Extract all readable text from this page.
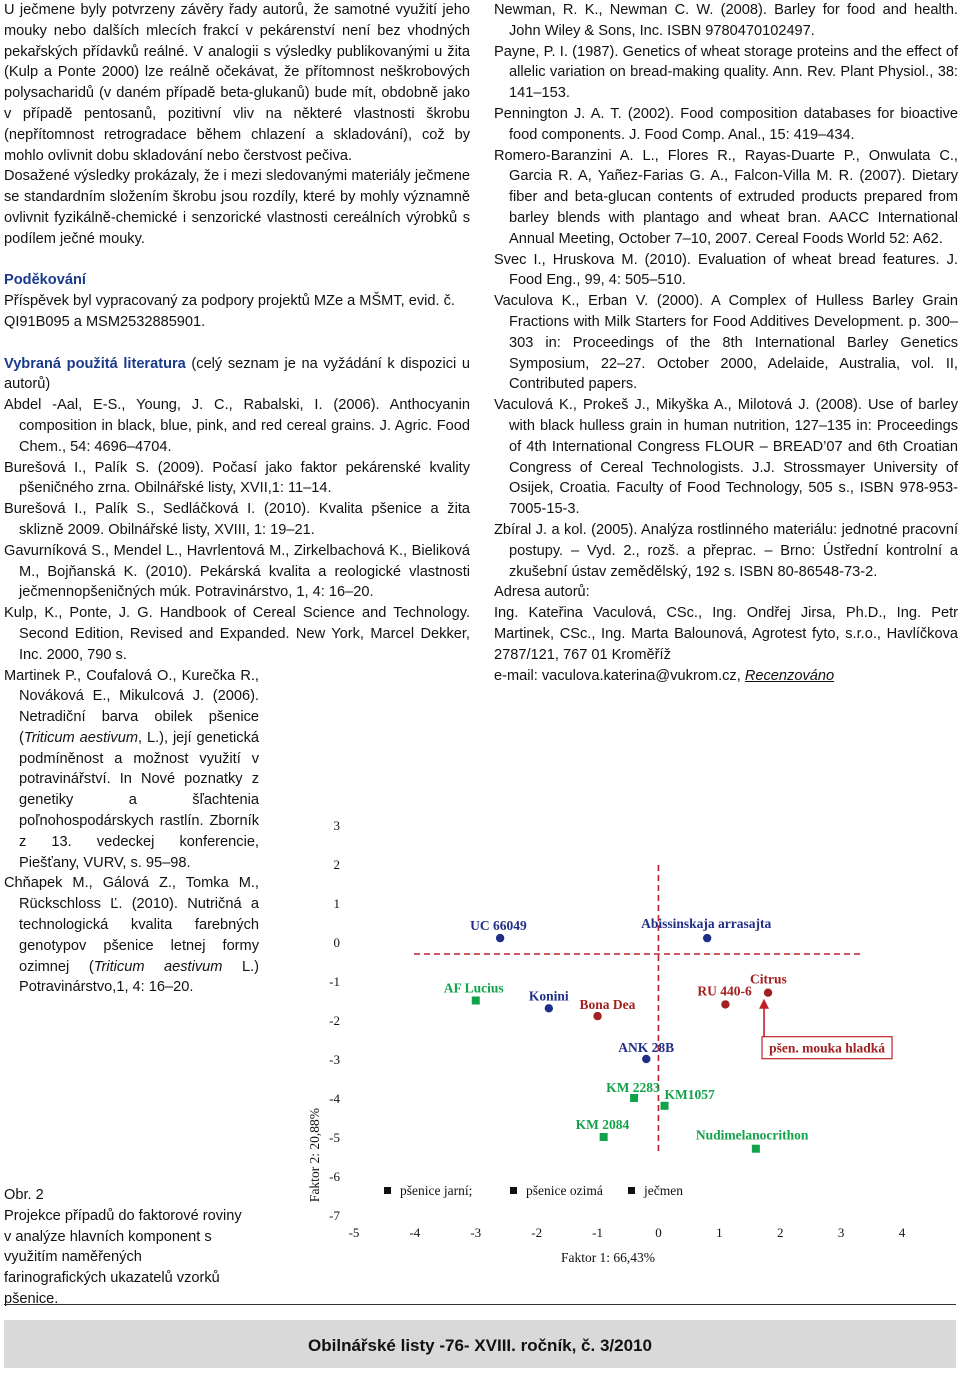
U ječmene byly potvrzeny závěry řady autorů, že samotné využití jeho mouky nebo dalších mlecích frakcí v pekárenství není bez vhodných pekařských přídavků reálné. V analogii s výsledky publikovanými u žita (Kulp a Ponte 2000) lze reálně očekávat, že přítomnost neškrobových polysacharidů (v daném případě beta-glukanů) bude mít, obdobně jako v případě pentosanů, pozitivní vliv na některé vlastnosti škrobu (nepřítomnost retrogradace během chlazení a skladování), což by mohlo ovlivnit dobu skladování nebo čerstvost pečiva.

Dosažené výsledky prokázaly, že i mezi sledovanými materiály ječmene se standardním složením škrobu jsou rozdíly, které by mohly významně ovlivnit fyzikálně-chemické i senzorické vlastnosti cereálních výrobků s podílem ječné mouky.

Poděkování

Příspěvek byl vypracovaný za podpory projektů MZe a MŠMT, evid. č. QI91B095 a MSM2532885901.

Vybraná použitá literatura (celý seznam je na vyžádání k dispozici u autorů)

Abdel -Aal, E-S., Young, J. C., Rabalski, I. (2006). Anthocyanin composition in black, blue, pink, and red cereal grains. J. Agric. Food Chem., 54: 4696–4704.

Burešová I., Palík S. (2009). Počasí jako faktor pekárenské kvality pšeničného zrna. Obilnářské listy, XVII,1: 11–14.

Burešová I., Palík S., Sedláčková I. (2010). Kvalita pšenice a žita sklizně 2009. Obilnářské listy, XVIII, 1: 19–21.

Gavurníková S., Mendel L., Havrlentová M., Zirkelbachová K., Bieliková M., Bojňanská K. (2010). Pekárská kvalita a reologické vlastnosti ječmennopšeničných múk. Potravinárstvo, 1, 4: 16–20.

Kulp, K., Ponte, J. G. Handbook of Cereal Science and Technology. Second Edition, Revised and Expanded. New York, Marcel Dekker, Inc. 2000, 790 s.

Martinek P., Coufalová O., Kurečka R., Nováková E., Mikulcová J. (2006). Netradiční barva obilek pšenice (Triticum aestivum, L.), její genetická podmíněnost a možnost využití v potravinářství. In Nové poznatky z genetiky a šľachtenia poľnohospodárskych rastlín. Zborník z 13. vedeckej konferencie, Piešťany, VURV, s. 95–98.

Chňapek M., Gálová Z., Tomka M., Rückschloss Ľ. (2010). Nutričná a technologická kvalita farebných genotypov pšenice letnej formy ozimnej (Triticum aestivum L.) Potravinárstvo,1, 4: 16–20.

Newman, R. K., Newman C. W. (2008). Barley for food and health. John Wiley & Sons, Inc. ISBN 9780470102497.

Payne, P. I. (1987). Genetics of wheat storage proteins and the effect of allelic variation on bread-making quality. Ann. Rev. Plant Physiol., 38: 141–153.

Pennington J. A. T. (2002). Food composition databases for bioactive food components. J. Food Comp. Anal., 15: 419–434.

Romero-Baranzini A. L., Flores R., Rayas-Duarte P., Onwulata C., Garcia R. A, Yañez-Farias G. A., Falcon-Villa M. R. (2007). Dietary fiber and beta-glucan contents of extruded products prepared from barley blends with plantago and wheat bran. AACC International Annual Meeting, October 7–10, 2007. Cereal Foods World 52: A62.

Svec I., Hruskova M. (2010). Evaluation of wheat bread features. J. Food Eng., 99, 4: 505–510.

Vaculova K., Erban V. (2000). A Complex of Hulless Barley Grain Fractions with Milk Starters for Food Additives Development. p. 300–303 in: Proceedings of the 8th International Barley Genetics Symposium, 22–27. October 2000, Adelaide, Australia, vol. II, Contributed papers.

Vaculová K., Prokeš J., Mikyška A., Milotová J. (2008). Use of barley with black hulless grain in human nutrition, 127–135 in: Proceedings of 4th International Congress FLOUR – BREAD’07 and 6th Croatian Congress of Cereal Technologists. J.J. Strossmayer University of Osijek, Croatia. Faculty of Food Technology, 505 s., ISBN 978-953-7005-15-3.

Zbíral J. a kol. (2005). Analýza rostlinného materiálu: jednotné pracovní postupy. – Vyd. 2., rozš. a přeprac. – Brno: Ústřední kontrolní a zkušební ústav zemědělský, 192 s. ISBN 80-86548-73-2.

Adresa autorů:

Ing. Kateřina Vaculová, CSc., Ing. Ondřej Jirsa, Ph.D., Ing. Petr Martinek, CSc., Ing. Marta Balounová, Agrotest fyto, s.r.o., Havlíčkova 2787/121, 767 01 Kroměříž

e-mail: vaculova.katerina@vukrom.cz, Recenzováno

Obr. 2
Projekce případů do faktorové roviny v analýze hlavních komponent s využitím naměřených farinografických ukazatelů vzorků pšenice.
3
2
1
0
-1
-2
-3
-4
-5
-6
-7
-5	-4	-3	-2	-1	0	1	2	3	4
Faktor 1: 66,43%
Faktor 2: 20,88%
UC 66049	Abissinskaja arrasajta
AF Lucius
Konini
Bona Dea
Citrus
RU 440-6
ANK 28B
KM 2283 KM1057
KM 2084
Nudimelanocrithon
pšen. mouka hladká
pšenice jarní;	pšenice ozimá	ječmen
Obilnářské listy -76- XVIII. ročník, č. 3/2010
